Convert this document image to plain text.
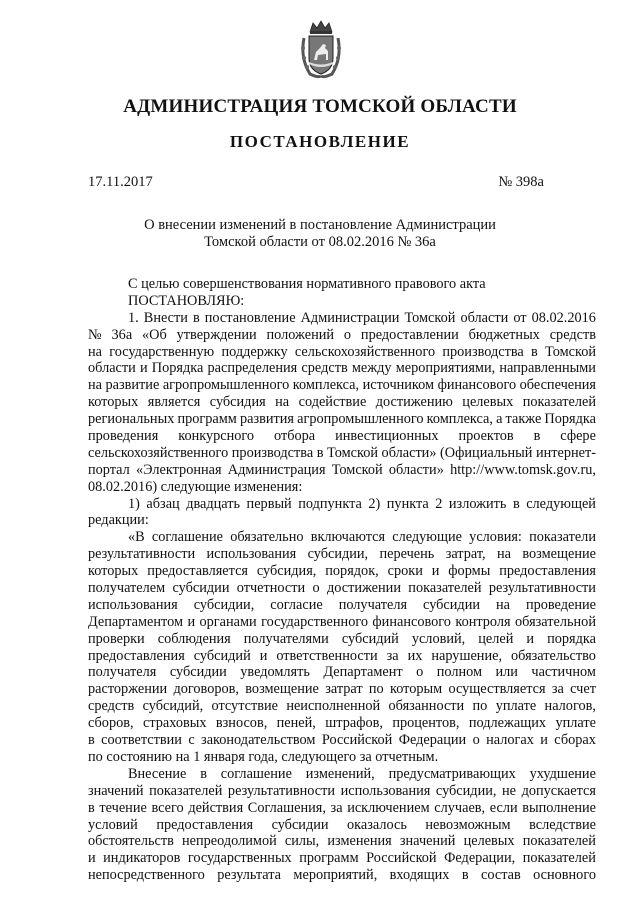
АДМИНИСТРАЦИЯ ТОМСКОЙ ОБЛАСТИ
ПОСТАНОВЛЕНИЕ
17.11.2017	№ 398а
О внесении изменений в постановление Администрации
Томской области от 08.02.2016 № 36а
С целью совершенствования нормативного правового акта
ПОСТАНОВЛЯЮ:
1. Внести в постановление Администрации Томской области от 08.02.2016
№ 36а «Об утверждении положений о предоставлении бюджетных средств
на государственную поддержку сельскохозяйственного производства в Томской
области и Порядка распределения средств между мероприятиями, направленными
на развитие агропромышленного комплекса, источником финансового обеспечения
которых является субсидия на содействие достижению целевых показателей
региональных программ развития агропромышленного комплекса, а также Порядка
проведения конкурсного отбора инвестиционных проектов в сфере
сельскохозяйственного производства в Томской области» (Официальный интернет-
портал «Электронная Администрация Томской области» http://www.tomsk.gov.ru,
08.02.2016) следующие изменения:
1) абзац двадцать первый подпункта 2) пункта 2 изложить в следующей
редакции:
«В соглашение обязательно включаются следующие условия: показатели
результативности использования субсидии, перечень затрат, на возмещение
которых предоставляется субсидия, порядок, сроки и формы предоставления
получателем субсидии отчетности о достижении показателей результативности
использования субсидии, согласие получателя субсидии на проведение
Департаментом и органами государственного финансового контроля обязательной
проверки соблюдения получателями субсидий условий, целей и порядка
предоставления субсидий и ответственности за их нарушение, обязательство
получателя субсидии уведомлять Департамент о полном или частичном
расторжении договоров, возмещение затрат по которым осуществляется за счет
средств субсидий, отсутствие неисполненной обязанности по уплате налогов,
сборов, страховых взносов, пеней, штрафов, процентов, подлежащих уплате
в соответствии с законодательством Российской Федерации о налогах и сборах
по состоянию на 1 января года, следующего за отчетным.
Внесение в соглашение изменений, предусматривающих ухудшение
значений показателей результативности использования субсидии, не допускается
в течение всего действия Соглашения, за исключением случаев, если выполнение
условий предоставления субсидии оказалось невозможным вследствие
обстоятельств непреодолимой силы, изменения значений целевых показателей
и индикаторов государственных программ Российской Федерации, показателей
непосредственного результата мероприятий, входящих в состав основного
